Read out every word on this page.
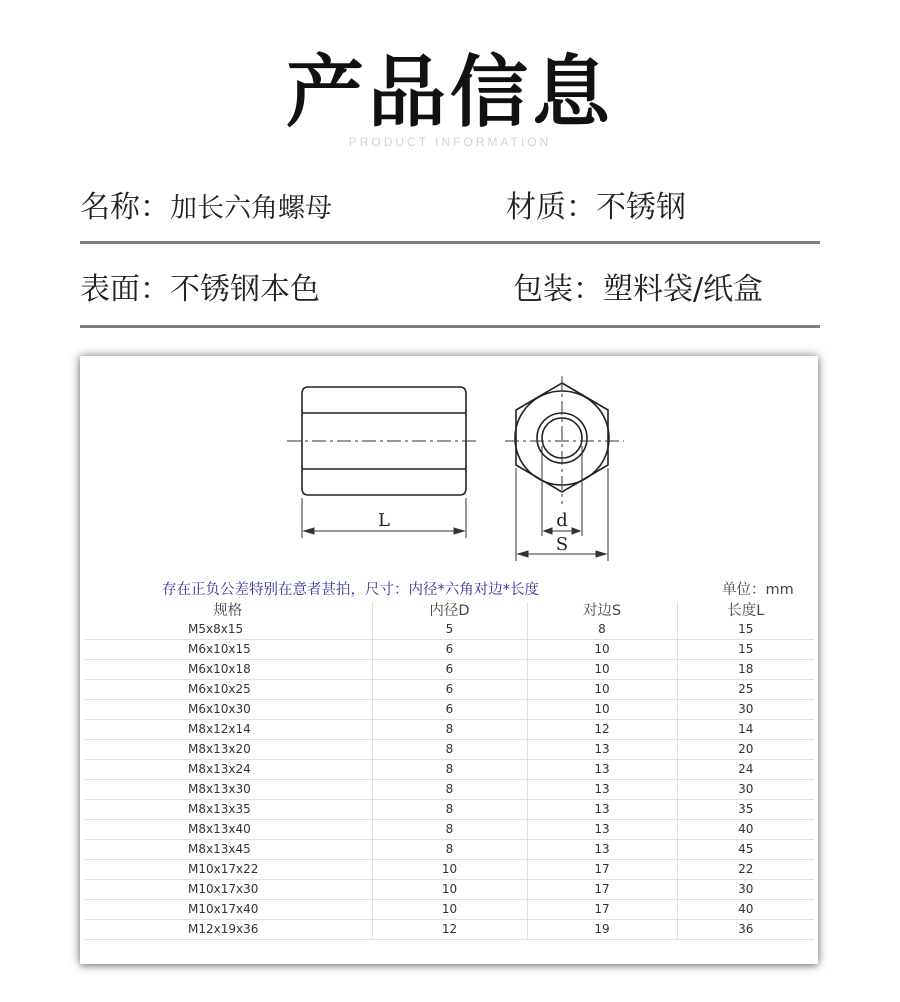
产品信息
PRODUCT INFORMATION
名称：加长六角螺母	材质：不锈钢
表面：不锈钢本色	包装：塑料袋/纸盒
L	d
S
存在正负公差特别在意者甚拍，尺寸：内径*六角对边*长度	单位：mm
规格	内径D	对边S	长度L
M5x8x15	5	8	15
M6x10x15	6	10	15
M6x10x18	6	10	18
M6x10x25	6	10	25
M6x10x30	6	10	30
M8x12x14	8	12	14
M8x13x20	8	13	20
M8x13x24	8	13	24
M8x13x30	8	13	30
M8x13x35	8	13	35
M8x13x40	8	13	40
M8x13x45	8	13	45
M10x17x22	10	17	22
M10x17x30	10	17	30
M10x17x40	10	17	40
M12x19x36	12	19	36
